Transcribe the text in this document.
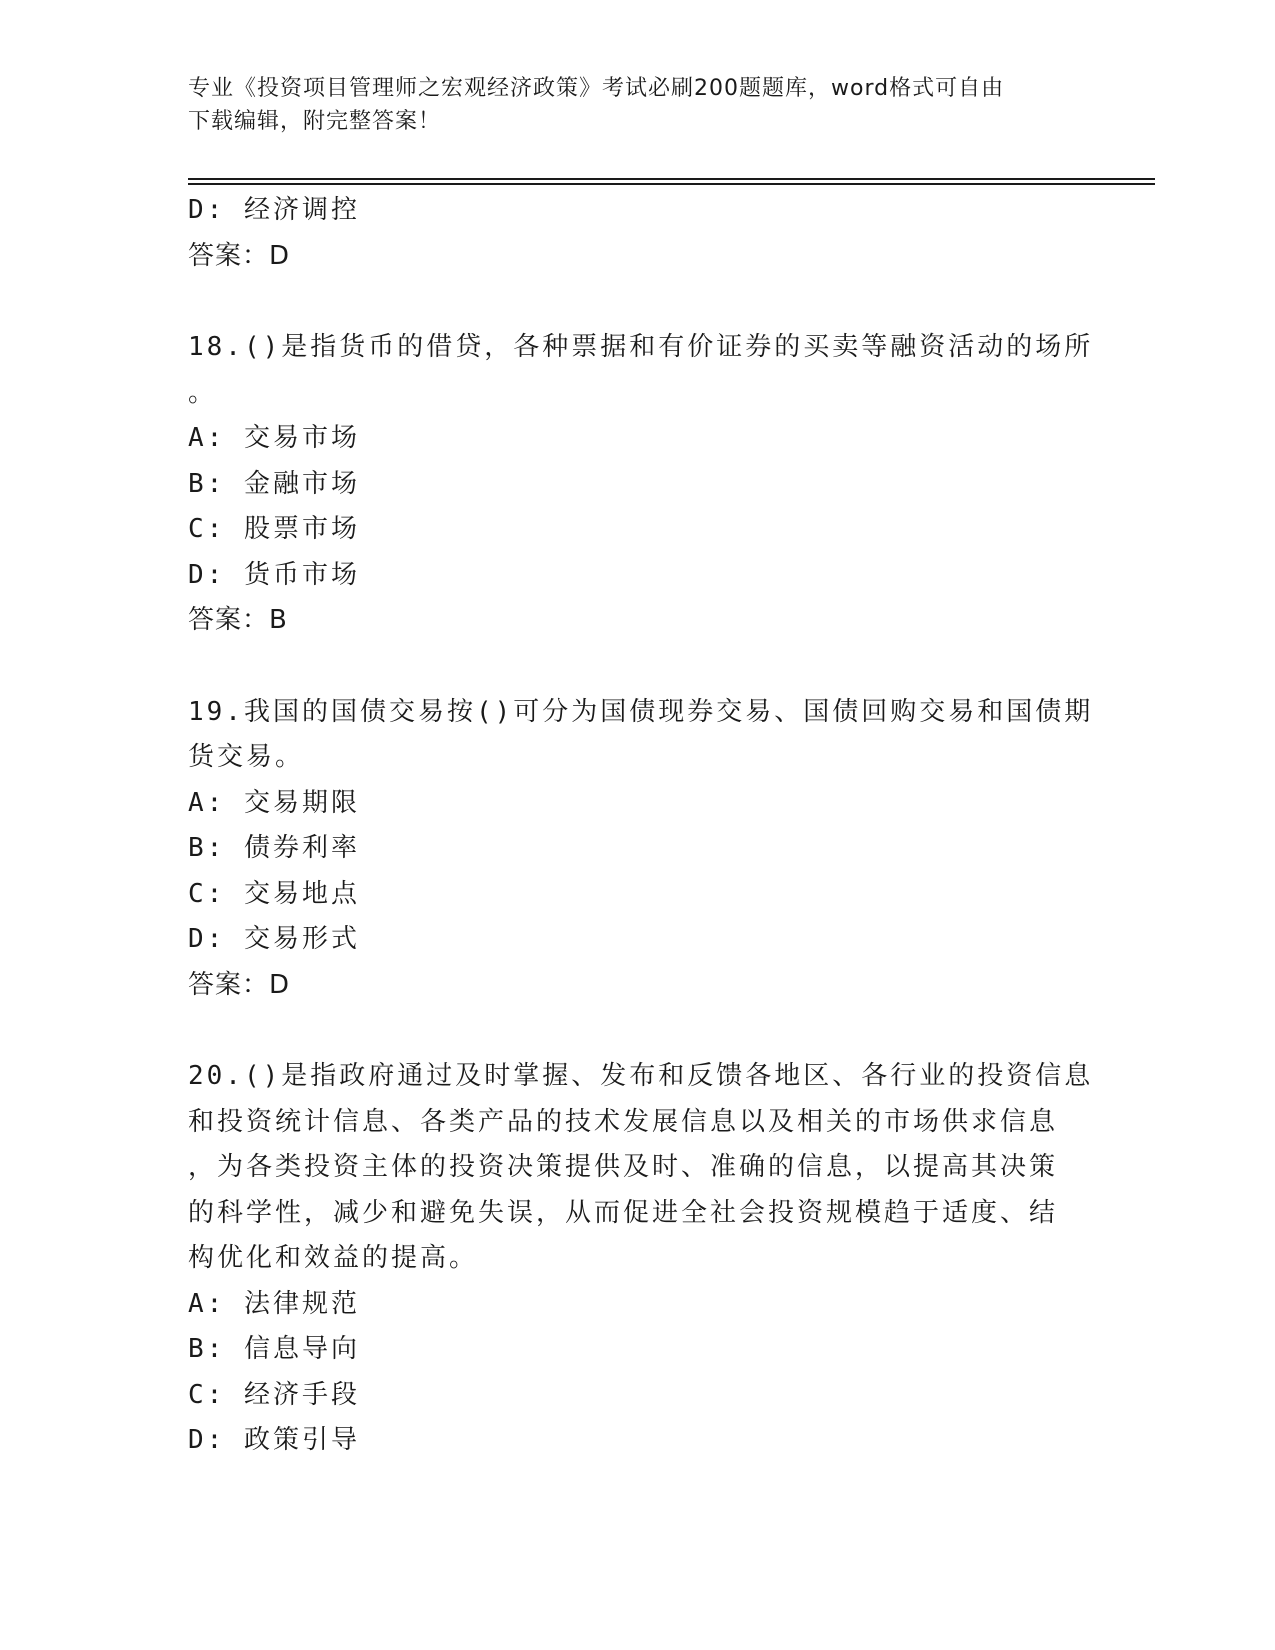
专业《投资项目管理师之宏观经济政策》考试必刷200题题库，word格式可自由
下载编辑，附完整答案！
D: 经济调控
答案：D
18.()是指货币的借贷，各种票据和有价证券的买卖等融资活动的场所
。
A: 交易市场
B: 金融市场
C: 股票市场
D: 货币市场
答案：B
19.我国的国债交易按()可分为国债现券交易、国债回购交易和国债期
货交易。
A: 交易期限
B: 债券利率
C: 交易地点
D: 交易形式
答案：D
20.()是指政府通过及时掌握、发布和反馈各地区、各行业的投资信息
和投资统计信息、各类产品的技术发展信息以及相关的市场供求信息
，为各类投资主体的投资决策提供及时、准确的信息，以提高其决策
的科学性，减少和避免失误，从而促进全社会投资规模趋于适度、结
构优化和效益的提高。
A: 法律规范
B: 信息导向
C: 经济手段
D: 政策引导
